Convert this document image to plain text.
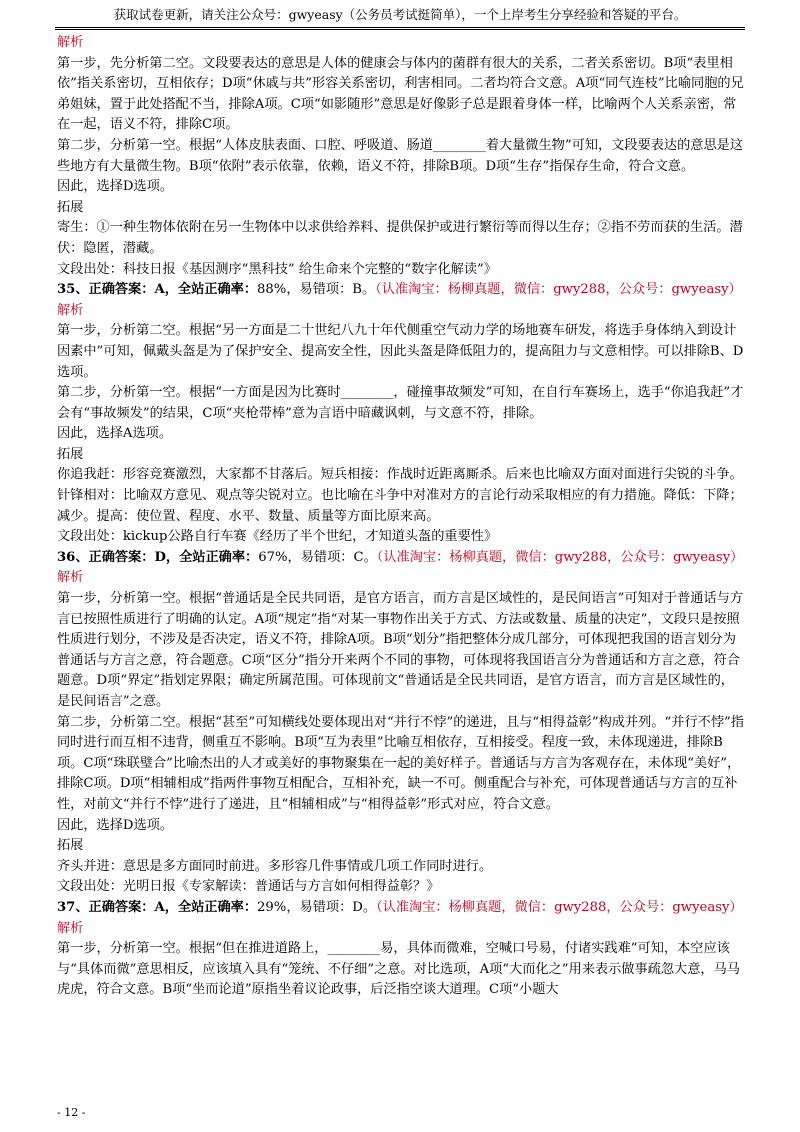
获取试卷更新，请关注公众号：gwyeasy（公务员考试挺简单），一个上岸考生分享经验和答疑的平台。

解析

第一步，先分析第二空。文段要表达的意思是人体的健康会与体内的菌群有很大的关系，二者关系密切。B项“表里相依”指关系密切，互相依存；D项“休戚与共”形容关系密切，利害相同。二者均符合文意。A项“同气连枝”比喻同胞的兄弟姐妹，置于此处搭配不当，排除A项。C项“如影随形”意思是好像影子总是跟着身体一样，比喻两个人关系亲密，常在一起，语义不符，排除C项。

第二步，分析第一空。根据“人体皮肤表面、口腔、呼吸道、肠道________着大量微生物”可知，文段要表达的意思是这些地方有大量微生物。B项“依附”表示依靠，依赖，语义不符，排除B项。D项“生存”指保存生命，符合文意。

因此，选择D选项。

拓展

寄生：①一种生物体依附在另一生物体中以求供给养料、提供保护或进行繁衍等而得以生存；②指不劳而获的生活。潜伏：隐匿，潜藏。

文段出处：科技日报《基因测序“黑科技” 给生命来个完整的“数字化解读”》

35、正确答案：A，全站正确率：88%，易错项：B。（认准淘宝：杨柳真题，微信：gwy288，公众号：gwyeasy）

解析

第一步，分析第二空。根据“另一方面是二十世纪八九十年代侧重空气动力学的场地赛车研发，将选手身体纳入到设计因素中”可知，佩戴头盔是为了保护安全、提高安全性，因此头盔是降低阻力的，提高阻力与文意相悖。可以排除B、D选项。

第二步，分析第一空。根据“一方面是因为比赛时________，碰撞事故频发”可知，在自行车赛场上，选手“你追我赶”才会有“事故频发”的结果，C项“夹枪带棒”意为言语中暗藏讽刺，与文意不符，排除。

因此，选择A选项。

拓展

你追我赶：形容竞赛激烈，大家都不甘落后。短兵相接：作战时近距离厮杀。后来也比喻双方面对面进行尖锐的斗争。针锋相对：比喻双方意见、观点等尖锐对立。也比喻在斗争中对准对方的言论行动采取相应的有力措施。降低：下降；减少。提高：使位置、程度、水平、数量、质量等方面比原来高。

文段出处：kickup公路自行车赛《经历了半个世纪，才知道头盔的重要性》

36、正确答案：D，全站正确率：67%，易错项：C。（认准淘宝：杨柳真题，微信：gwy288，公众号：gwyeasy）

解析

第一步，分析第一空。根据“普通话是全民共同语，是官方语言，而方言是区域性的，是民间语言”可知对于普通话与方言已按照性质进行了明确的认定。A项“规定”指“对某一事物作出关于方式、方法或数量、质量的决定”，文段只是按照性质进行划分，不涉及是否决定，语义不符，排除A项。B项“划分”指把整体分成几部分，可体现把我国的语言划分为普通话与方言之意，符合题意。C项“区分”指分开来两个不同的事物，可体现将我国语言分为普通话和方言之意，符合题意。D项“界定”指划定界限；确定所属范围。可体现前文“普通话是全民共同语，是官方语言，而方言是区域性的，是民间语言”之意。

第二步，分析第二空。根据“甚至”可知横线处要体现出对“并行不悖”的递进，且与“相得益彰”构成并列。“并行不悖”指同时进行而互相不违背，侧重互不影响。B项“互为表里”比喻互相依存，互相接受。程度一致，未体现递进，排除B项。C项“珠联璧合”比喻杰出的人才或美好的事物聚集在一起的美好样子。普通话与方言为客观存在，未体现“美好”，排除C项。D项“相辅相成”指两件事物互相配合，互相补充，缺一不可。侧重配合与补充，可体现普通话与方言的互补性，对前文“并行不悖”进行了递进，且“相辅相成”与“相得益彰”形式对应，符合文意。

因此，选择D选项。

拓展

齐头并进：意思是多方面同时前进。多形容几件事情或几项工作同时进行。

文段出处：光明日报《专家解读：普通话与方言如何相得益彰？》

37、正确答案：A，全站正确率：29%，易错项：D。（认准淘宝：杨柳真题，微信：gwy288，公众号：gwyeasy）

解析

第一步，分析第一空。根据“但在推进道路上，________易，具体而微难，空喊口号易，付诸实践难”可知，本空应该与“具体而微”意思相反，应该填入具有“笼统、不仔细”之意。对比选项，A项“大而化之”用来表示做事疏忽大意，马马虎虎，符合文意。B项“坐而论道”原指坐着议论政事，后泛指空谈大道理。C项“小题大

- 12 -
